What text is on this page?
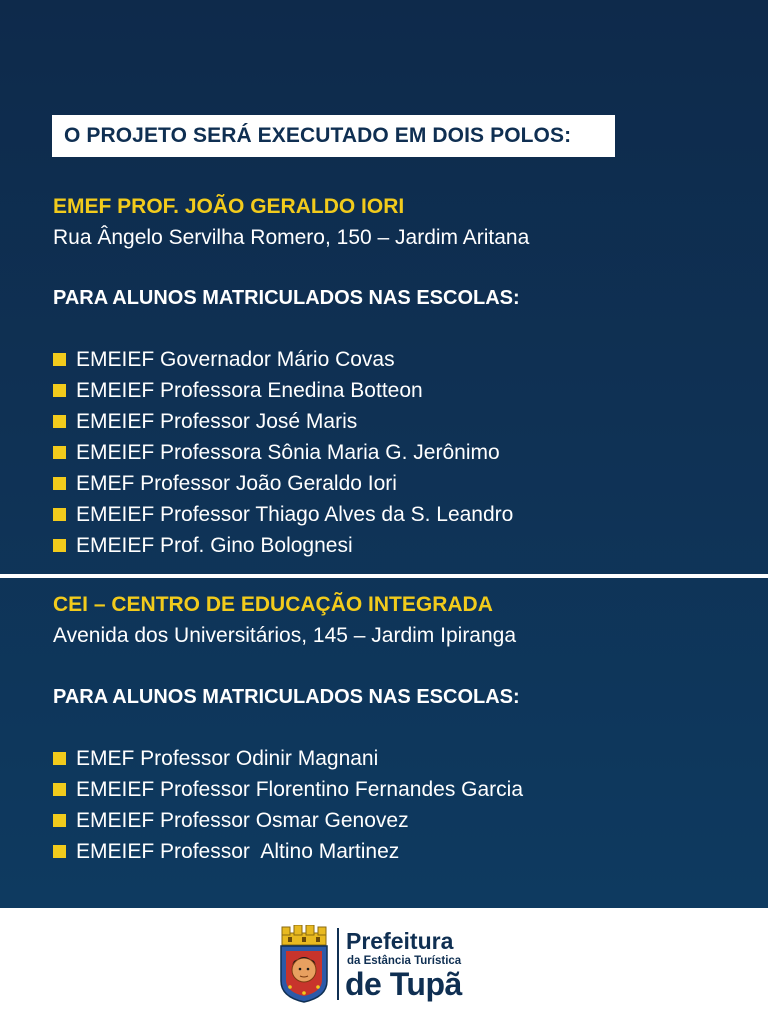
O PROJETO SERÁ EXECUTADO EM DOIS POLOS:
EMEF PROF. JOÃO GERALDO IORI
Rua Ângelo Servilha Romero, 150 – Jardim Aritana
PARA ALUNOS MATRICULADOS NAS ESCOLAS:
EMEIEF Governador Mário Covas
EMEIEF Professora Enedina Botteon
EMEIEF Professor José Maris
EMEIEF Professora Sônia Maria G. Jerônimo
EMEF Professor João Geraldo Iori
EMEIEF Professor Thiago Alves da S. Leandro
EMEIEF Prof. Gino Bolognesi
CEI – CENTRO DE EDUCAÇÃO INTEGRADA
Avenida dos Universitários, 145 – Jardim Ipiranga
PARA ALUNOS MATRICULADOS NAS ESCOLAS:
EMEF Professor Odinir Magnani
EMEIEF Professor Florentino Fernandes Garcia
EMEIEF Professor Osmar Genovez
EMEIEF Professor  Altino Martinez
Prefeitura
da Estância Turística
de Tupã
